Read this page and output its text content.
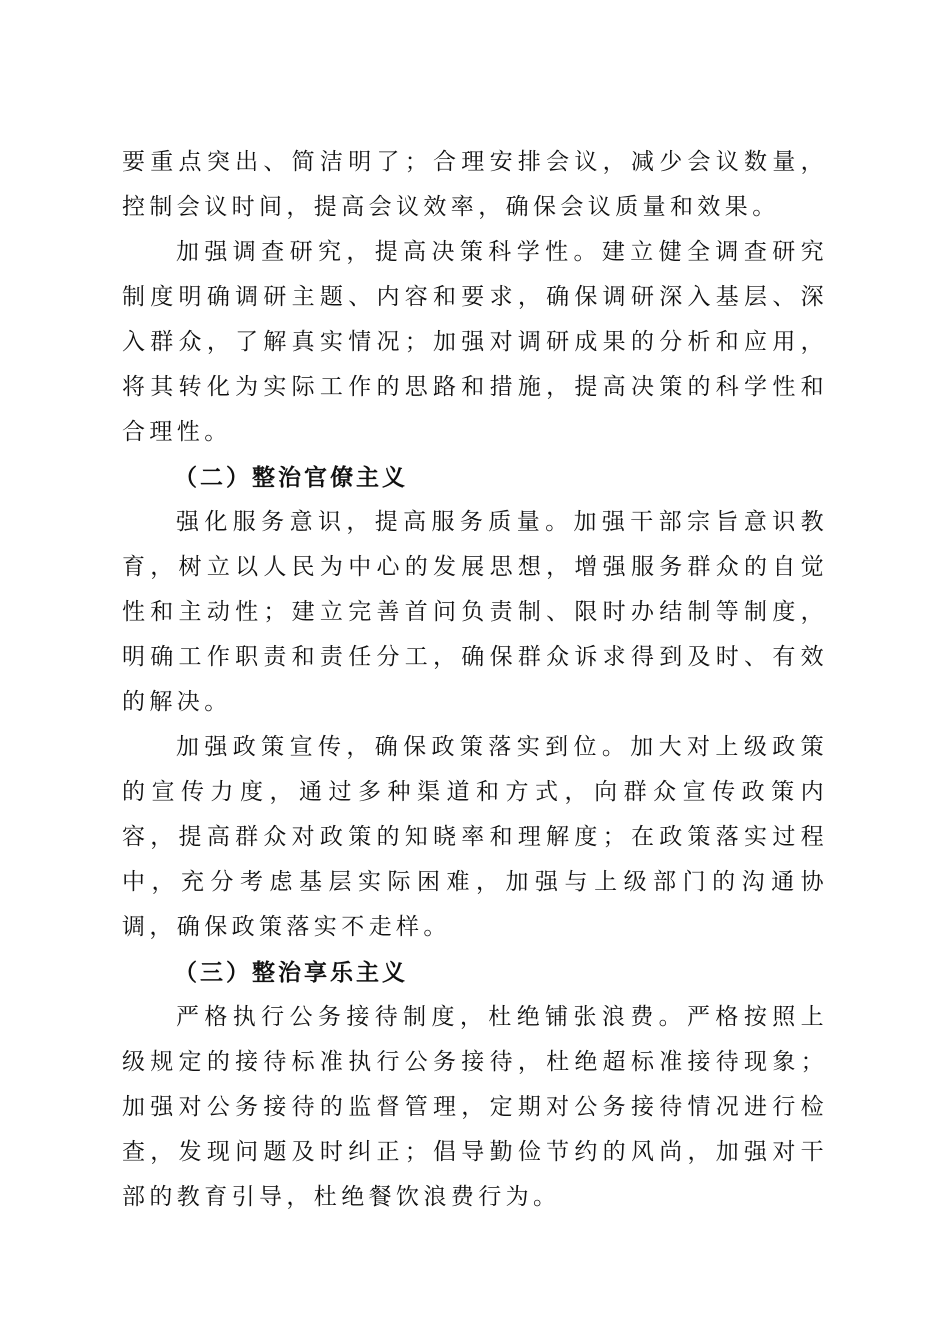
要重点突出、简洁明了；合理安排会议，减少会议数量，控制会议时间，提高会议效率，确保会议质量和效果。

加强调查研究，提高决策科学性。建立健全调查研究制度明确调研主题、内容和要求，确保调研深入基层、深入群众，了解真实情况；加强对调研成果的分析和应用，将其转化为实际工作的思路和措施，提高决策的科学性和合理性。

（二）整治官僚主义

强化服务意识，提高服务质量。加强干部宗旨意识教育，树立以人民为中心的发展思想，增强服务群众的自觉性和主动性；建立完善首问负责制、限时办结制等制度，明确工作职责和责任分工，确保群众诉求得到及时、有效的解决。

加强政策宣传，确保政策落实到位。加大对上级政策的宣传力度，通过多种渠道和方式，向群众宣传政策内容，提高群众对政策的知晓率和理解度；在政策落实过程中，充分考虑基层实际困难，加强与上级部门的沟通协调，确保政策落实不走样。

（三）整治享乐主义

严格执行公务接待制度，杜绝铺张浪费。严格按照上级规定的接待标准执行公务接待，杜绝超标准接待现象；加强对公务接待的监督管理，定期对公务接待情况进行检查，发现问题及时纠正；倡导勤俭节约的风尚，加强对干部的教育引导，杜绝餐饮浪费行为。
